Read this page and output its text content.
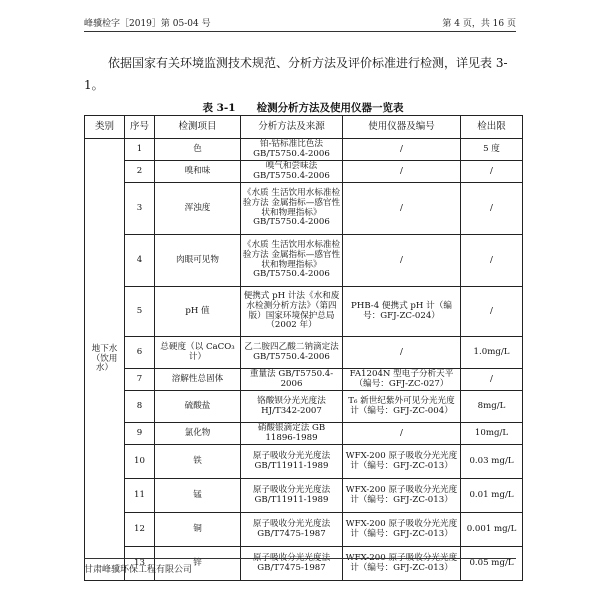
峰骥检字［2019］第 05-04 号	第 4 页，共 16 页
依据国家有关环境监测技术规范、分析方法及评价标准进行检测，详见表 3-1。
表 3-1　　检测分析方法及使用仪器一览表
类别	序号	检测项目	分析方法及来源	使用仪器及编号	检出限
地下水（饮用水）	1	色	铂-钴标准比色法 GB/T5750.4-2006	/	5 度
	2	嗅和味	嗅气和尝味法 GB/T5750.4-2006	/	/
	3	浑浊度	《水质 生活饮用水标准检验方法 金属指标—感官性状和物理指标》GB/T5750.4-2006	/	/
	4	肉眼可见物	《水质 生活饮用水标准检验方法 金属指标—感官性状和物理指标》GB/T5750.4-2006	/	/
	5	pH 值	便携式 pH 计法《水和废水检测分析方法》（第四版）国家环境保护总局（2002 年）	PHB-4 便携式 pH 计（编号：GFJ-ZC-024）	/
	6	总硬度（以 CaCO₃计）	乙二胺四乙酸二钠滴定法 GB/T5750.4-2006	/	1.0mg/L
	7	溶解性总固体	重量法 GB/T5750.4-2006	FA1204N 型电子分析天平（编号：GFJ-ZC-027）	/
	8	硫酸盐	铬酸钡分光光度法 HJ/T342-2007	T₆ 新世纪紫外可见分光光度计（编号：GFJ-ZC-004）	8mg/L
	9	氯化物	硝酸银滴定法 GB 11896-1989	/	10mg/L
	10	铁	原子吸收分光光度法 GB/T11911-1989	WFX-200 原子吸收分光光度计（编号：GFJ-ZC-013）	0.03 mg/L
	11	锰	原子吸收分光光度法 GB/T11911-1989	WFX-200 原子吸收分光光度计（编号：GFJ-ZC-013）	0.01 mg/L
	12	铜	原子吸收分光光度法 GB/T7475-1987	WFX-200 原子吸收分光光度计（编号：GFJ-ZC-013）	0.001 mg/L
	13	锌	原子吸收分光光度法 GB/T7475-1987	WFX-200 原子吸收分光光度计（编号：GFJ-ZC-013）	0.05 mg/L
甘肃峰骥环保工程有限公司
